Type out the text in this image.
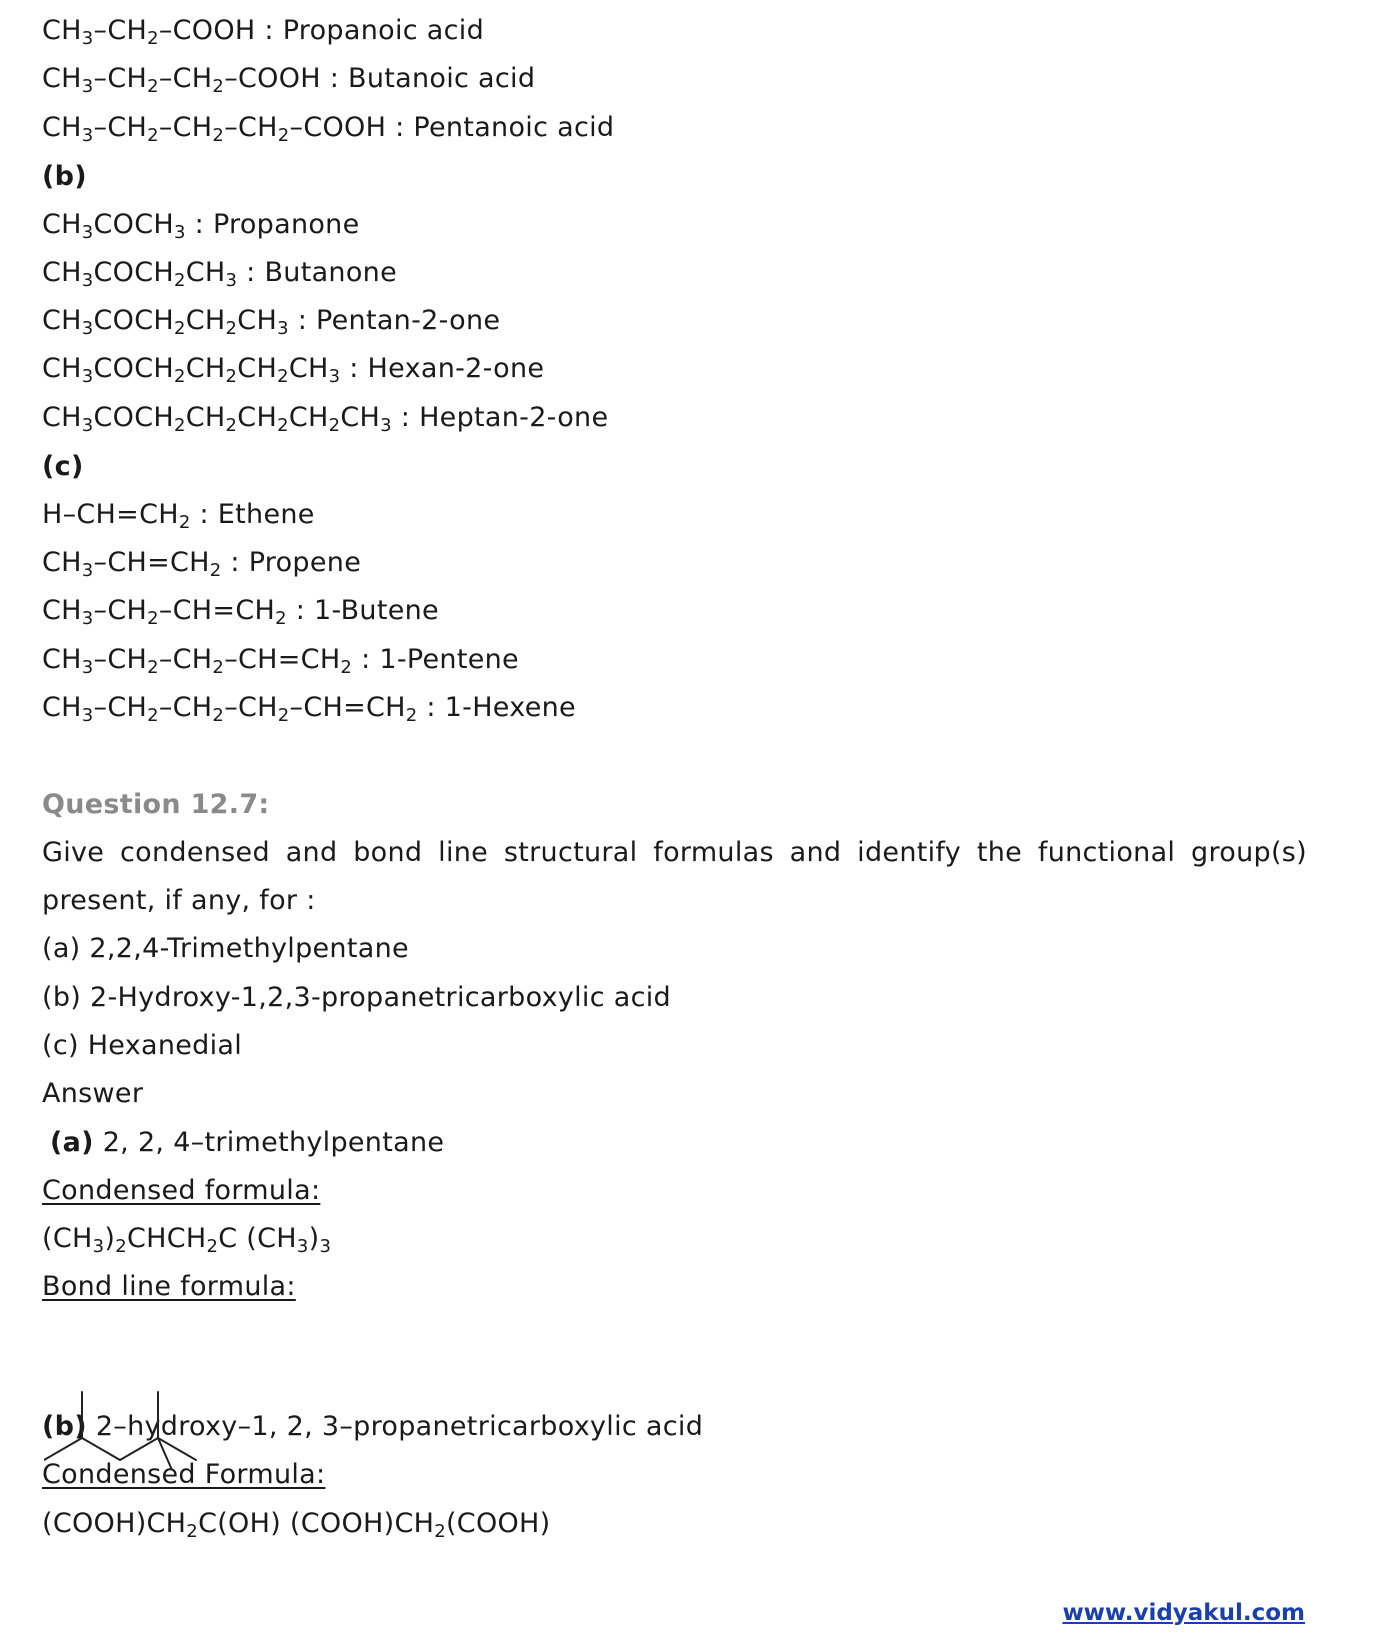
$CH_3-CH_2$–COOH : Propanoic acid
$CH_3-CH_2-CH_2$–COOH : Butanoic acid
$CH_3-CH_2-CH_2-CH_2$–COOH : Pentanoic acid
(b)
$CH_3COCH_3$ : Propanone
$CH_3COCH_2CH_3$ : Butanone
$CH_3COCH_2CH_2CH_3$ : Pentan-2-one
$CH_3COCH_2CH_2CH_2CH_3$ : Hexan-2-one
$CH_3COCH_2CH_2CH_2CH_2CH_3$ : Heptan-2-one
(c)
$H-CH=CH_2$ : Ethene
$CH_3-CH=CH_2$ : Propene
$CH_3-CH_2-CH=CH_2$ : 1-Butene
$CH_3-CH_2-CH_2-CH=CH_2$ : 1-Pentene
$CH_3-CH_2-CH_2-CH_2-CH=CH_2$ : 1-Hexene
Question 12.7:
Give condensed and bond line structural formulas and identify the functional group(s)
present, if any, for :
(a) 2,2,4-Trimethylpentane
(b) 2-Hydroxy-1,2,3-propanetricarboxylic acid
(c) Hexanedial
Answer
(a) 2, 2, 4–trimethylpentane
Condensed formula:
$(CH_3)_2CHCH_2C$ $(CH_3)_3$
Bond line formula:
(b) 2–hydroxy–1, 2, 3–propanetricarboxylic acid
Condensed Formula:
$(COOH)CH_2C(OH)$ $(COOH)CH_2(COOH)$
www.vidyakul.com
